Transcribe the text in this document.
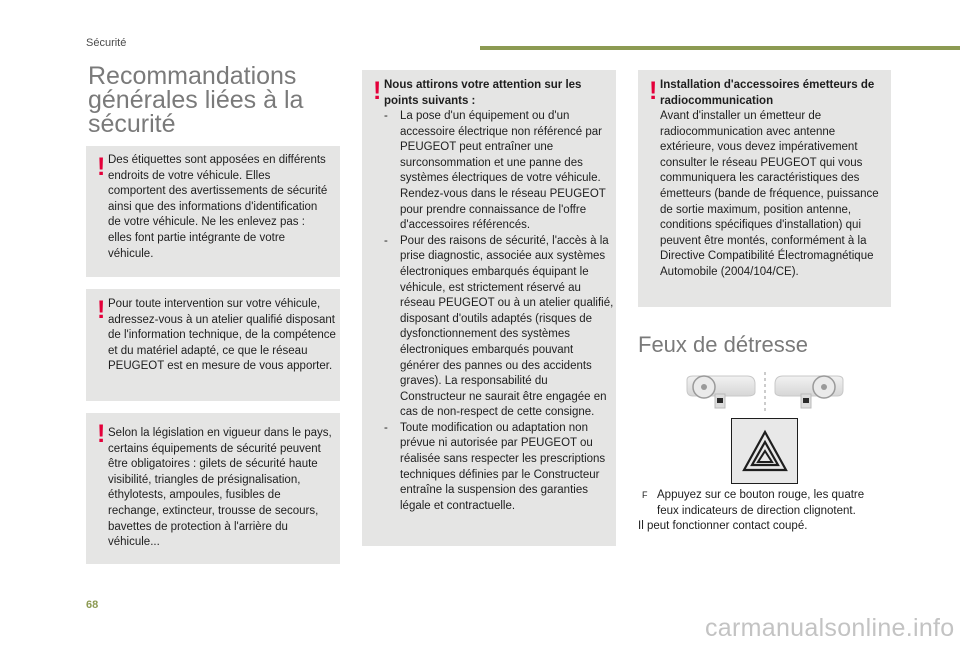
Sécurité
Recommandations
générales liées à la
sécurité
! Des étiquettes sont apposées en différents endroits de votre véhicule. Elles comportent des avertissements de sécurité ainsi que des informations d'identification de votre véhicule. Ne les enlevez pas : elles font partie intégrante de votre véhicule.
! Pour toute intervention sur votre véhicule, adressez-vous à un atelier qualifié disposant de l'information technique, de la compétence et du matériel adapté, ce que le réseau PEUGEOT est en mesure de vous apporter.
! Selon la législation en vigueur dans le pays, certains équipements de sécurité peuvent être obligatoires : gilets de sécurité haute visibilité, triangles de présignalisation, éthylotests, ampoules, fusibles de rechange, extincteur, trousse de secours, bavettes de protection à l'arrière du véhicule...
! Nous attirons votre attention sur les points suivants :
- La pose d'un équipement ou d'un accessoire électrique non référencé par PEUGEOT peut entraîner une surconsommation et une panne des systèmes électriques de votre véhicule. Rendez-vous dans le réseau PEUGEOT pour prendre connaissance de l'offre d'accessoires référencés.
- Pour des raisons de sécurité, l'accès à la prise diagnostic, associée aux systèmes électroniques embarqués équipant le véhicule, est strictement réservé au réseau PEUGEOT ou à un atelier qualifié, disposant d'outils adaptés (risques de dysfonctionnement des systèmes électroniques embarqués pouvant générer des pannes ou des accidents graves). La responsabilité du Constructeur ne saurait être engagée en cas de non-respect de cette consigne.
- Toute modification ou adaptation non prévue ni autorisée par PEUGEOT ou réalisée sans respecter les prescriptions techniques définies par le Constructeur entraîne la suspension des garanties légale et contractuelle.
! Installation d'accessoires émetteurs de radiocommunication
Avant d'installer un émetteur de radiocommunication avec antenne extérieure, vous devez impérativement consulter le réseau PEUGEOT qui vous communiquera les caractéristiques des émetteurs (bande de fréquence, puissance de sortie maximum, position antenne, conditions spécifiques d'installation) qui peuvent être montés, conformément à la Directive Compatibilité Électromagnétique Automobile (2004/104/CE).
Feux de détresse
F Appuyez sur ce bouton rouge, les quatre feux indicateurs de direction clignotent.
Il peut fonctionner contact coupé.
68
carmanualsonline.info
